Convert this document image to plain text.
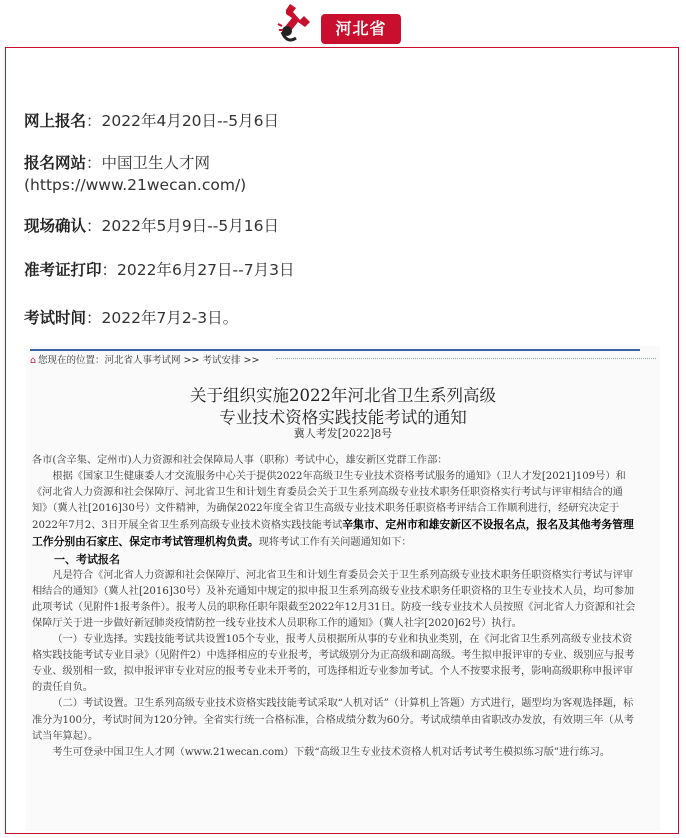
河北省
网上报名：2022年4月20日--5月6日
报名网站：中国卫生人才网
(https://www.21wecan.com/)
现场确认：2022年5月9日--5月16日
准考证打印：2022年6月27日--7月3日
考试时间：2022年7月2-3日。
⌂ 您现在的位置：河北省人事考试网 >> 考试安排 >>
关于组织实施2022年河北省卫生系列高级
专业技术资格实践技能考试的通知
冀人考发[2022]8号

各市(含辛集、定州市)人力资源和社会保障局人事（职称）考试中心，雄安新区党群工作部：

根据《国家卫生健康委人才交流服务中心关于提供2022年高级卫生专业技术资格考试服务的通知》（卫人才发[2021]109号）和《河北省人力资源和社会保障厅、河北省卫生和计划生育委员会关于卫生系列高级专业技术职务任职资格实行考试与评审相结合的通知》（冀人社[2016]30号）文件精神，为确保2022年度全省卫生高级专业技术职务任职资格考评结合工作顺利进行，经研究决定于2022年7月2、3日开展全省卫生系列高级专业技术资格实践技能考试辛集市、定州市和雄安新区不设报名点，报名及其他考务管理工作分别由石家庄、保定市考试管理机构负责。现将考试工作有关问题通知如下：

一、考试报名

凡是符合《河北省人力资源和社会保障厅、河北省卫生和计划生育委员会关于卫生系列高级专业技术职务任职资格实行考试与评审相结合的通知》（冀人社[2016]30号）及补充通知中规定的拟申报卫生系列高级专业技术职务任职资格的卫生专业技术人员，均可参加此项考试（见附件1报考条件）。报考人员的职称任职年限截至2022年12月31日。防疫一线专业技术人员按照《河北省人力资源和社会保障厅关于进一步做好新冠肺炎疫情防控一线专业技术人员职称工作的通知》（冀人社字[2020]62号）执行。

（一）专业选择。实践技能考试共设置105个专业，报考人员根据所从事的专业和执业类别，在《河北省卫生系列高级专业技术资格实践技能考试专业目录》（见附件2）中选择相应的专业报考，考试级别分为正高级和副高级。考生拟申报评审的专业、级别应与报考专业、级别相一致，拟申报评审专业对应的报考专业未开考的，可选择相近专业参加考试。个人不按要求报考，影响高级职称申报评审的责任自负。

（二）考试设置。卫生系列高级专业技术资格实践技能考试采取“人机对话”（计算机上答题）方式进行，题型均为客观选择题，标准分为100分，考试时间为120分钟。全省实行统一合格标准，合格成绩分数为60分。考试成绩单由省职改办发放，有效期三年（从考试当年算起）。

考生可登录中国卫生人才网（www.21wecan.com）下载“高级卫生专业技术资格人机对话考试考生模拟练习版”进行练习。
